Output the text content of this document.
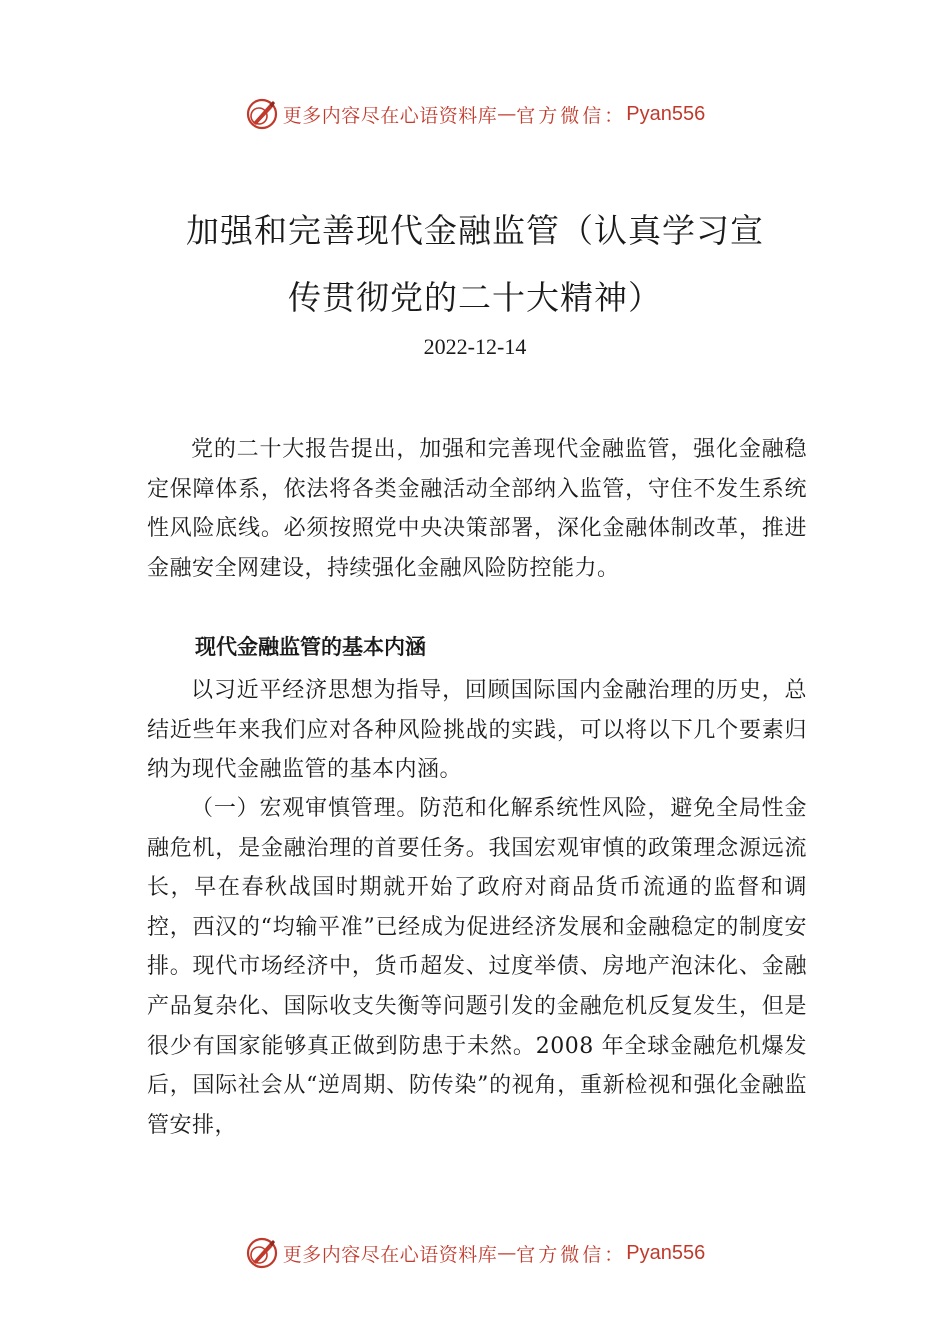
更多内容尽在心语资料库 — 官方微信： Pyan556
加强和完善现代金融监管（认真学习宣
传贯彻党的二十大精神）
2022-12-14

党的二十大报告提出，加强和完善现代金融监管，强化金融稳定保障体系，依法将各类金融活动全部纳入监管，守住不发生系统性风险底线。必须按照党中央决策部署，深化金融体制改革，推进金融安全网建设，持续强化金融风险防控能力。

现代金融监管的基本内涵

以习近平经济思想为指导，回顾国际国内金融治理的历史，总结近些年来我们应对各种风险挑战的实践，可以将以下几个要素归纳为现代金融监管的基本内涵。

（一）宏观审慎管理。防范和化解系统性风险，避免全局性金融危机，是金融治理的首要任务。我国宏观审慎的政策理念源远流长，早在春秋战国时期就开始了政府对商品货币流通的监督和调控，西汉的“均输平准”已经成为促进经济发展和金融稳定的制度安排。现代市场经济中，货币超发、过度举债、房地产泡沫化、金融产品复杂化、国际收支失衡等问题引发的金融危机反复发生，但是很少有国家能够真正做到防患于未然。2008 年全球金融危机爆发后，国际社会从“逆周期、防传染”的视角，重新检视和强化金融监管安排，

更多内容尽在心语资料库 — 官方微信： Pyan556
